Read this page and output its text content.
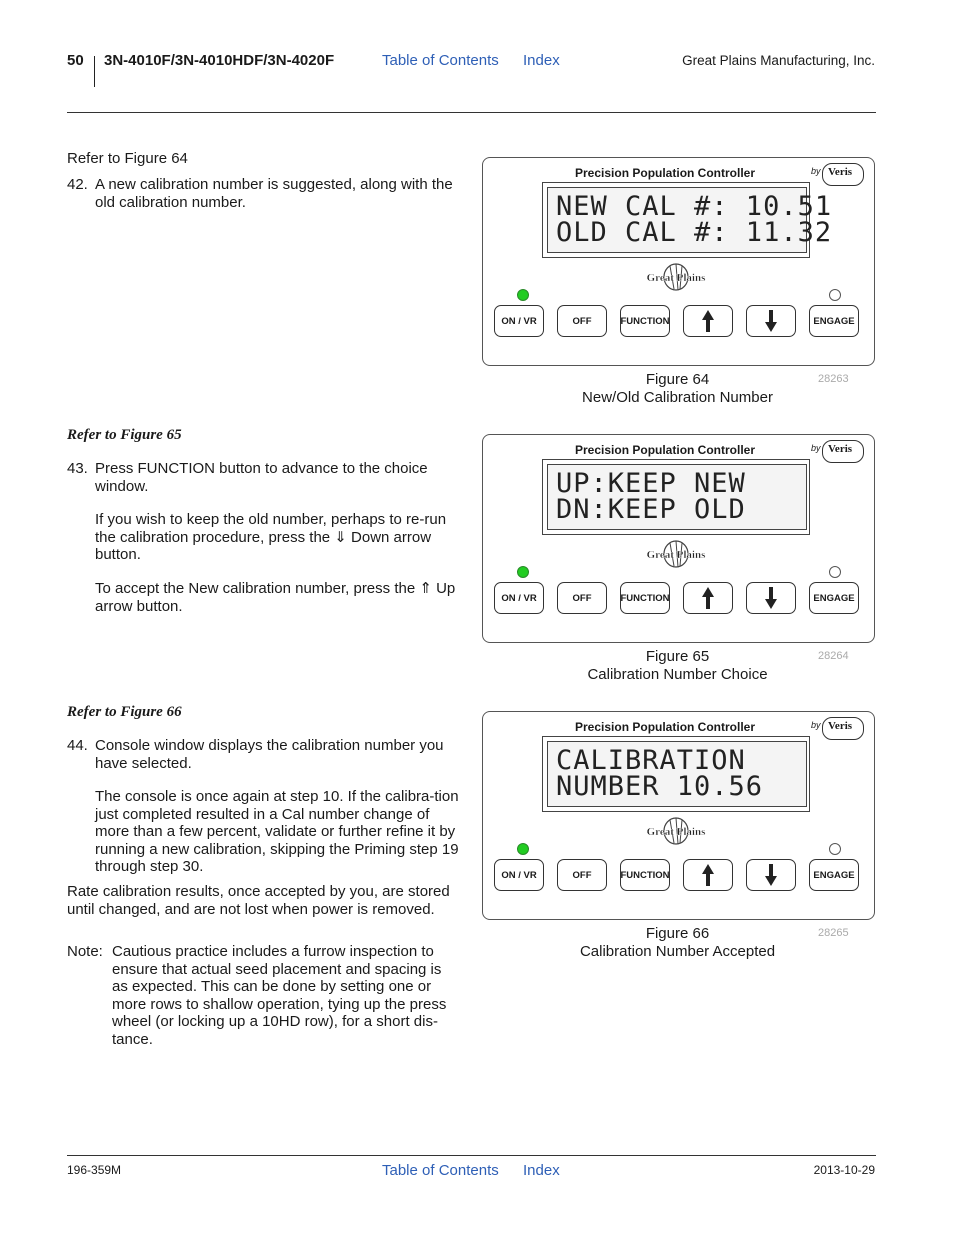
50 3N-4010F/3N-4010HDF/3N-4020F	Table of Contents Index	Great Plains Manufacturing, Inc.
Refer to Figure 64
42. A new calibration number is suggested, along with the old calibration number.
Refer to Figure 65
43. Press FUNCTION button to advance to the choice window.
If you wish to keep the old number, perhaps to re-run the calibration procedure, press the ⇓ Down arrow button.
To accept the New calibration number, press the ⇑ Up arrow button.
Refer to Figure 66
44. Console window displays the calibration number you have selected.
The console is once again at step 10. If the calibra-tion just completed resulted in a Cal number change of more than a few percent, validate or further refine it by running a new calibration, skipping the Priming step 19 through step 30.
Rate calibration results, once accepted by you, are stored until changed, and are not lost when power is removed.
Note: Cautious practice includes a furrow inspection to ensure that actual seed placement and spacing is as expected. This can be done by setting one or more rows to shallow operation, tying up the press wheel (or locking up a 10HD row), for a short dis-tance.
Precision Population Controller	by Veris
NEW CAL #: 10.51
OLD CAL #: 11.32
Great Plains
ON / VR	OFF	FUNCTION	ENGAGE
Figure 64
New/Old Calibration Number
28263
Precision Population Controller	by Veris
UP:KEEP NEW
DN:KEEP OLD
Great Plains
ON / VR	OFF	FUNCTION	ENGAGE
Figure 65
Calibration Number Choice
28264
Precision Population Controller	by Veris
CALIBRATION
NUMBER 10.56
Great Plains
ON / VR	OFF	FUNCTION	ENGAGE
Figure 66
Calibration Number Accepted
28265
196-359M	Table of Contents Index	2013-10-29
